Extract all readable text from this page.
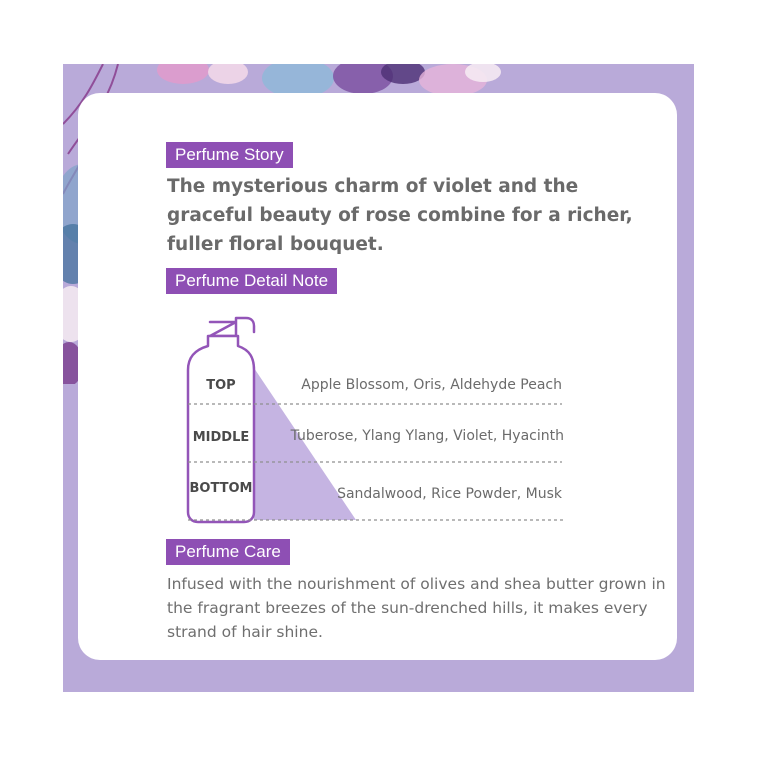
Perfume Story

The mysterious charm of violet and the graceful beauty of rose combine for a richer, fuller floral bouquet.

Perfume Detail Note
TOP
MIDDLE
BOTTOM
Apple Blossom, Oris, Aldehyde Peach
Tuberose, Ylang Ylang, Violet, Hyacinth
Sandalwood, Rice Powder, Musk
Perfume Care

Infused with the nourishment of olives and shea butter grown in the fragrant breezes of the sun-drenched hills, it makes every strand of hair shine.
